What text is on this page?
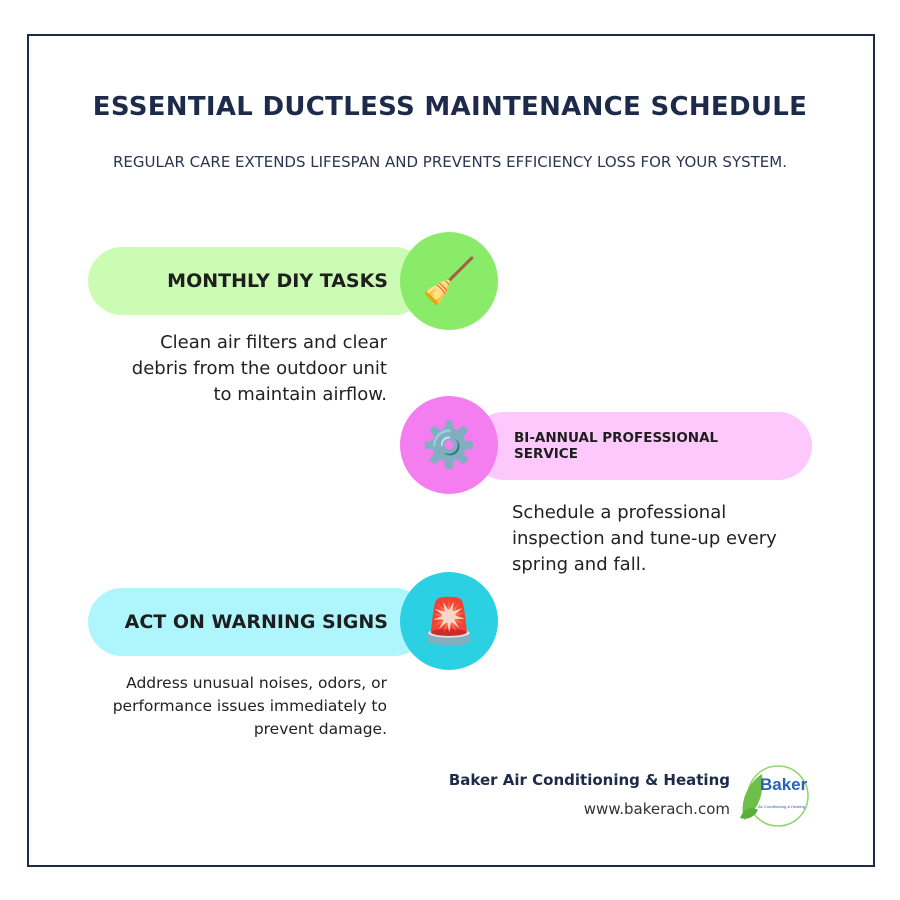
ESSENTIAL DUCTLESS MAINTENANCE SCHEDULE
REGULAR CARE EXTENDS LIFESPAN AND PREVENTS EFFICIENCY LOSS FOR YOUR SYSTEM.
MONTHLY DIY TASKS 🧹
Clean air filters and clear debris from the outdoor unit to maintain airflow.
BI-ANNUAL PROFESSIONAL SERVICE
⚙️
Schedule a professional inspection and tune-up every spring and fall.
ACT ON WARNING SIGNS 🚨
Address unusual noises, odors, or performance issues immediately to prevent damage.
Baker Air Conditioning & Heating
www.bakerach.com
Baker
Air Conditioning & Heating
